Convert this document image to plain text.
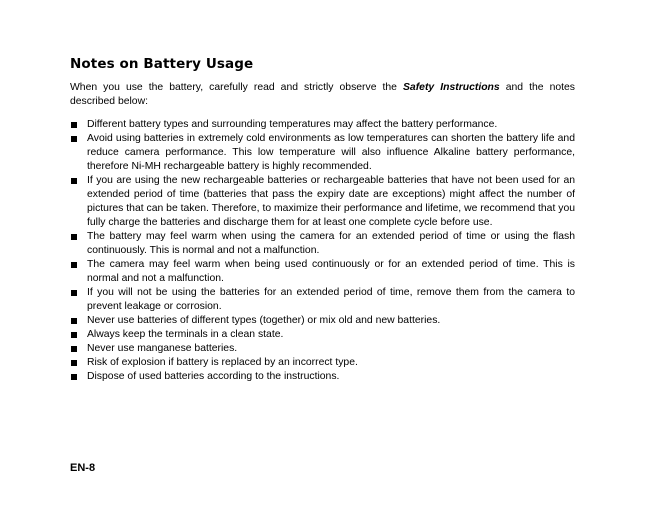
Notes on Battery Usage

When you use the battery, carefully read and strictly observe the Safety Instructions and the notes described below:

Different battery types and surrounding temperatures may affect the battery performance.
Avoid using batteries in extremely cold environments as low temperatures can shorten the battery life and reduce camera performance. This low temperature will also influence Alkaline battery performance, therefore Ni-MH rechargeable battery is highly recommended.
If you are using the new rechargeable batteries or rechargeable batteries that have not been used for an extended period of time (batteries that pass the expiry date are exceptions) might affect the number of pictures that can be taken. Therefore, to maximize their performance and lifetime, we recommend that you fully charge the batteries and discharge them for at least one complete cycle before use.
The battery may feel warm when using the camera for an extended period of time or using the flash continuously. This is normal and not a malfunction.
The camera may feel warm when being used continuously or for an extended period of time. This is normal and not a malfunction.
If you will not be using the batteries for an extended period of time, remove them from the camera to prevent leakage or corrosion.
Never use batteries of different types (together) or mix old and new batteries.
Always keep the terminals in a clean state.
Never use manganese batteries.
Risk of explosion if battery is replaced by an incorrect type.
Dispose of used batteries according to the instructions.
EN-8
